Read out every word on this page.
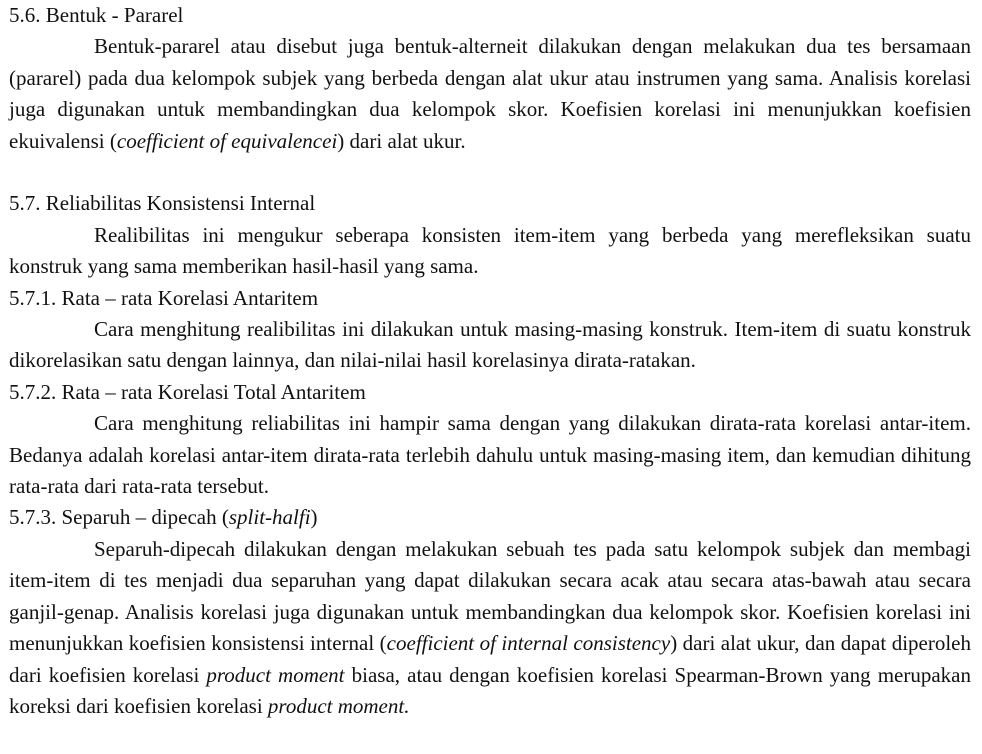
5.6. Bentuk - Pararel

Bentuk-pararel atau disebut juga bentuk-alterneit dilakukan dengan melakukan dua tes bersamaan (pararel) pada dua kelompok subjek yang berbeda dengan alat ukur atau instrumen yang sama. Analisis korelasi juga digunakan untuk membandingkan dua kelompok skor. Koefisien korelasi ini menunjukkan koefisien ekuivalensi (coefficient of equivalencei) dari alat ukur.

5.7. Reliabilitas Konsistensi Internal

Realibilitas ini mengukur seberapa konsisten item-item yang berbeda yang merefleksikan suatu konstruk yang sama memberikan hasil-hasil yang sama.

5.7.1. Rata – rata Korelasi Antaritem

Cara menghitung realibilitas ini dilakukan untuk masing-masing konstruk. Item-item di suatu konstruk dikorelasikan satu dengan lainnya, dan nilai-nilai hasil korelasinya dirata-ratakan.

5.7.2. Rata – rata Korelasi Total Antaritem

Cara menghitung reliabilitas ini hampir sama dengan yang dilakukan dirata-rata korelasi antar-item. Bedanya adalah korelasi antar-item dirata-rata terlebih dahulu untuk masing-masing item, dan kemudian dihitung rata-rata dari rata-rata tersebut.

5.7.3. Separuh – dipecah (split-halfi)

Separuh-dipecah dilakukan dengan melakukan sebuah tes pada satu kelompok subjek dan membagi item-item di tes menjadi dua separuhan yang dapat dilakukan secara acak atau secara atas-bawah atau secara ganjil-genap. Analisis korelasi juga digunakan untuk membandingkan dua kelompok skor. Koefisien korelasi ini menunjukkan koefisien konsistensi internal (coefficient of internal consistency) dari alat ukur, dan dapat diperoleh dari koefisien korelasi product moment biasa, atau dengan koefisien korelasi Spearman-Brown yang merupakan koreksi dari koefisien korelasi product moment.
